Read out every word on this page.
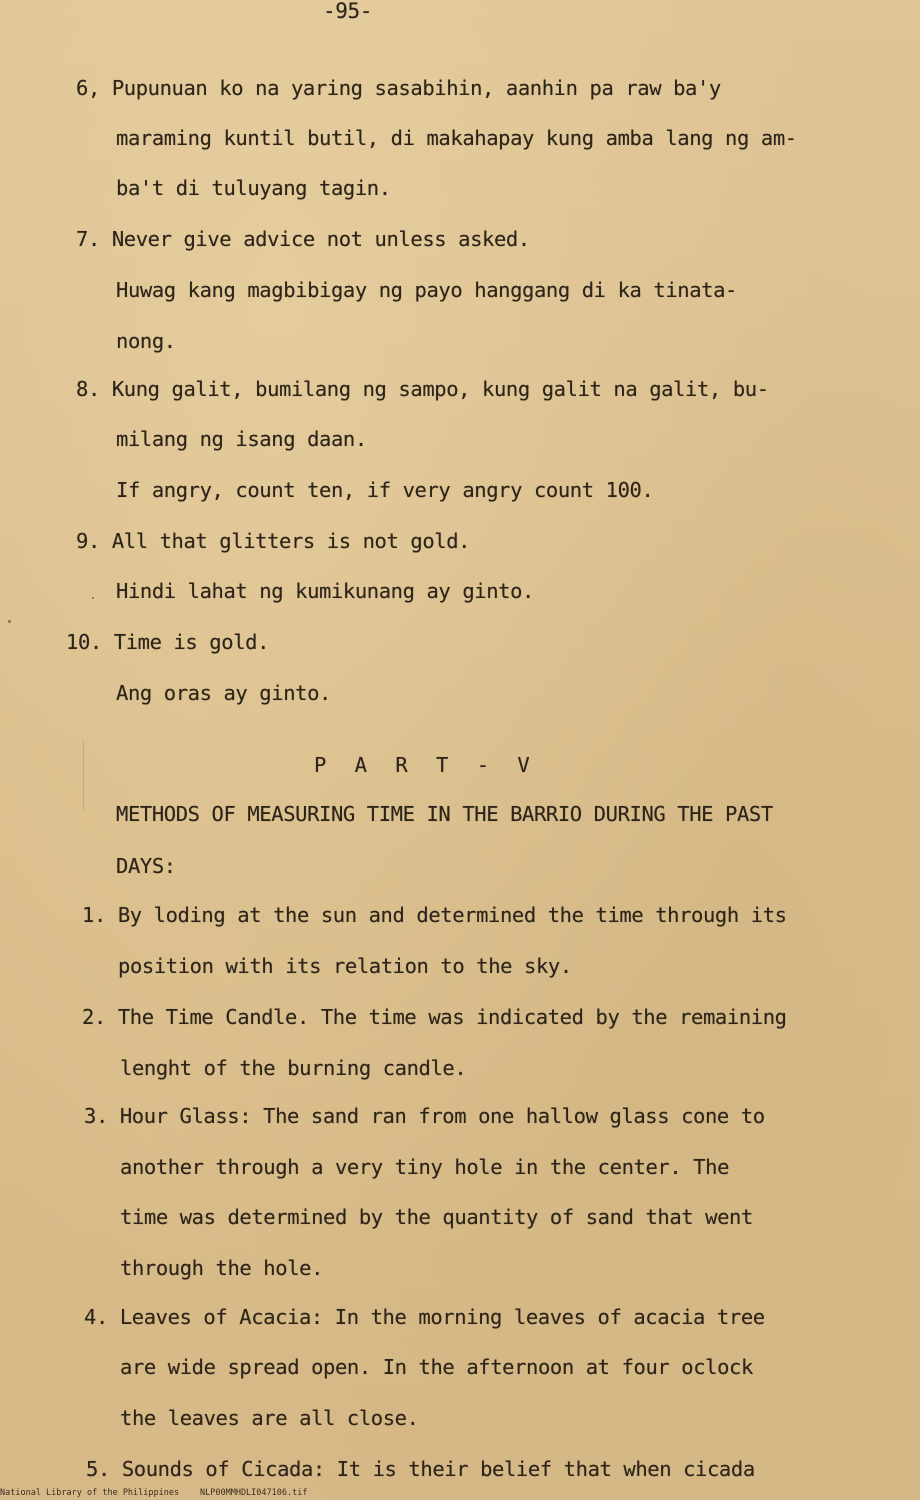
-95-

6, Pupunuan ko na yaring sasabihin, aanhin pa raw ba'y

maraming kuntil butil, di makahapay kung amba lang ng am-

ba't di tuluyang tagin.

7. Never give advice not unless asked.

Huwag kang magbibigay ng payo hanggang di ka tinata-

nong.

8. Kung galit, bumilang ng sampo, kung galit na galit, bu-

milang ng isang daan.

If angry, count ten, if very angry count 100.

9. All that glitters is not gold.

Hindi lahat ng kumikunang ay ginto.

10. Time is gold.

Ang oras ay ginto.

P A R T - V

METHODS OF MEASURING TIME IN THE BARRIO DURING THE PAST

DAYS:

1. By loding at the sun and determined the time through its

position with its relation to the sky.

2. The Time Candle. The time was indicated by the remaining

lenght of the burning candle.

3. Hour Glass: The sand ran from one hallow glass cone to

another through a very tiny hole in the center. The

time was determined by the quantity of sand that went

through the hole.

4. Leaves of Acacia: In the morning leaves of acacia tree

are wide spread open. In the afternoon at four oclock

the leaves are all close.

5. Sounds of Cicada: It is their belief that when cicada

National Library of the Philippines NLP00MMHDLI047106.tif
